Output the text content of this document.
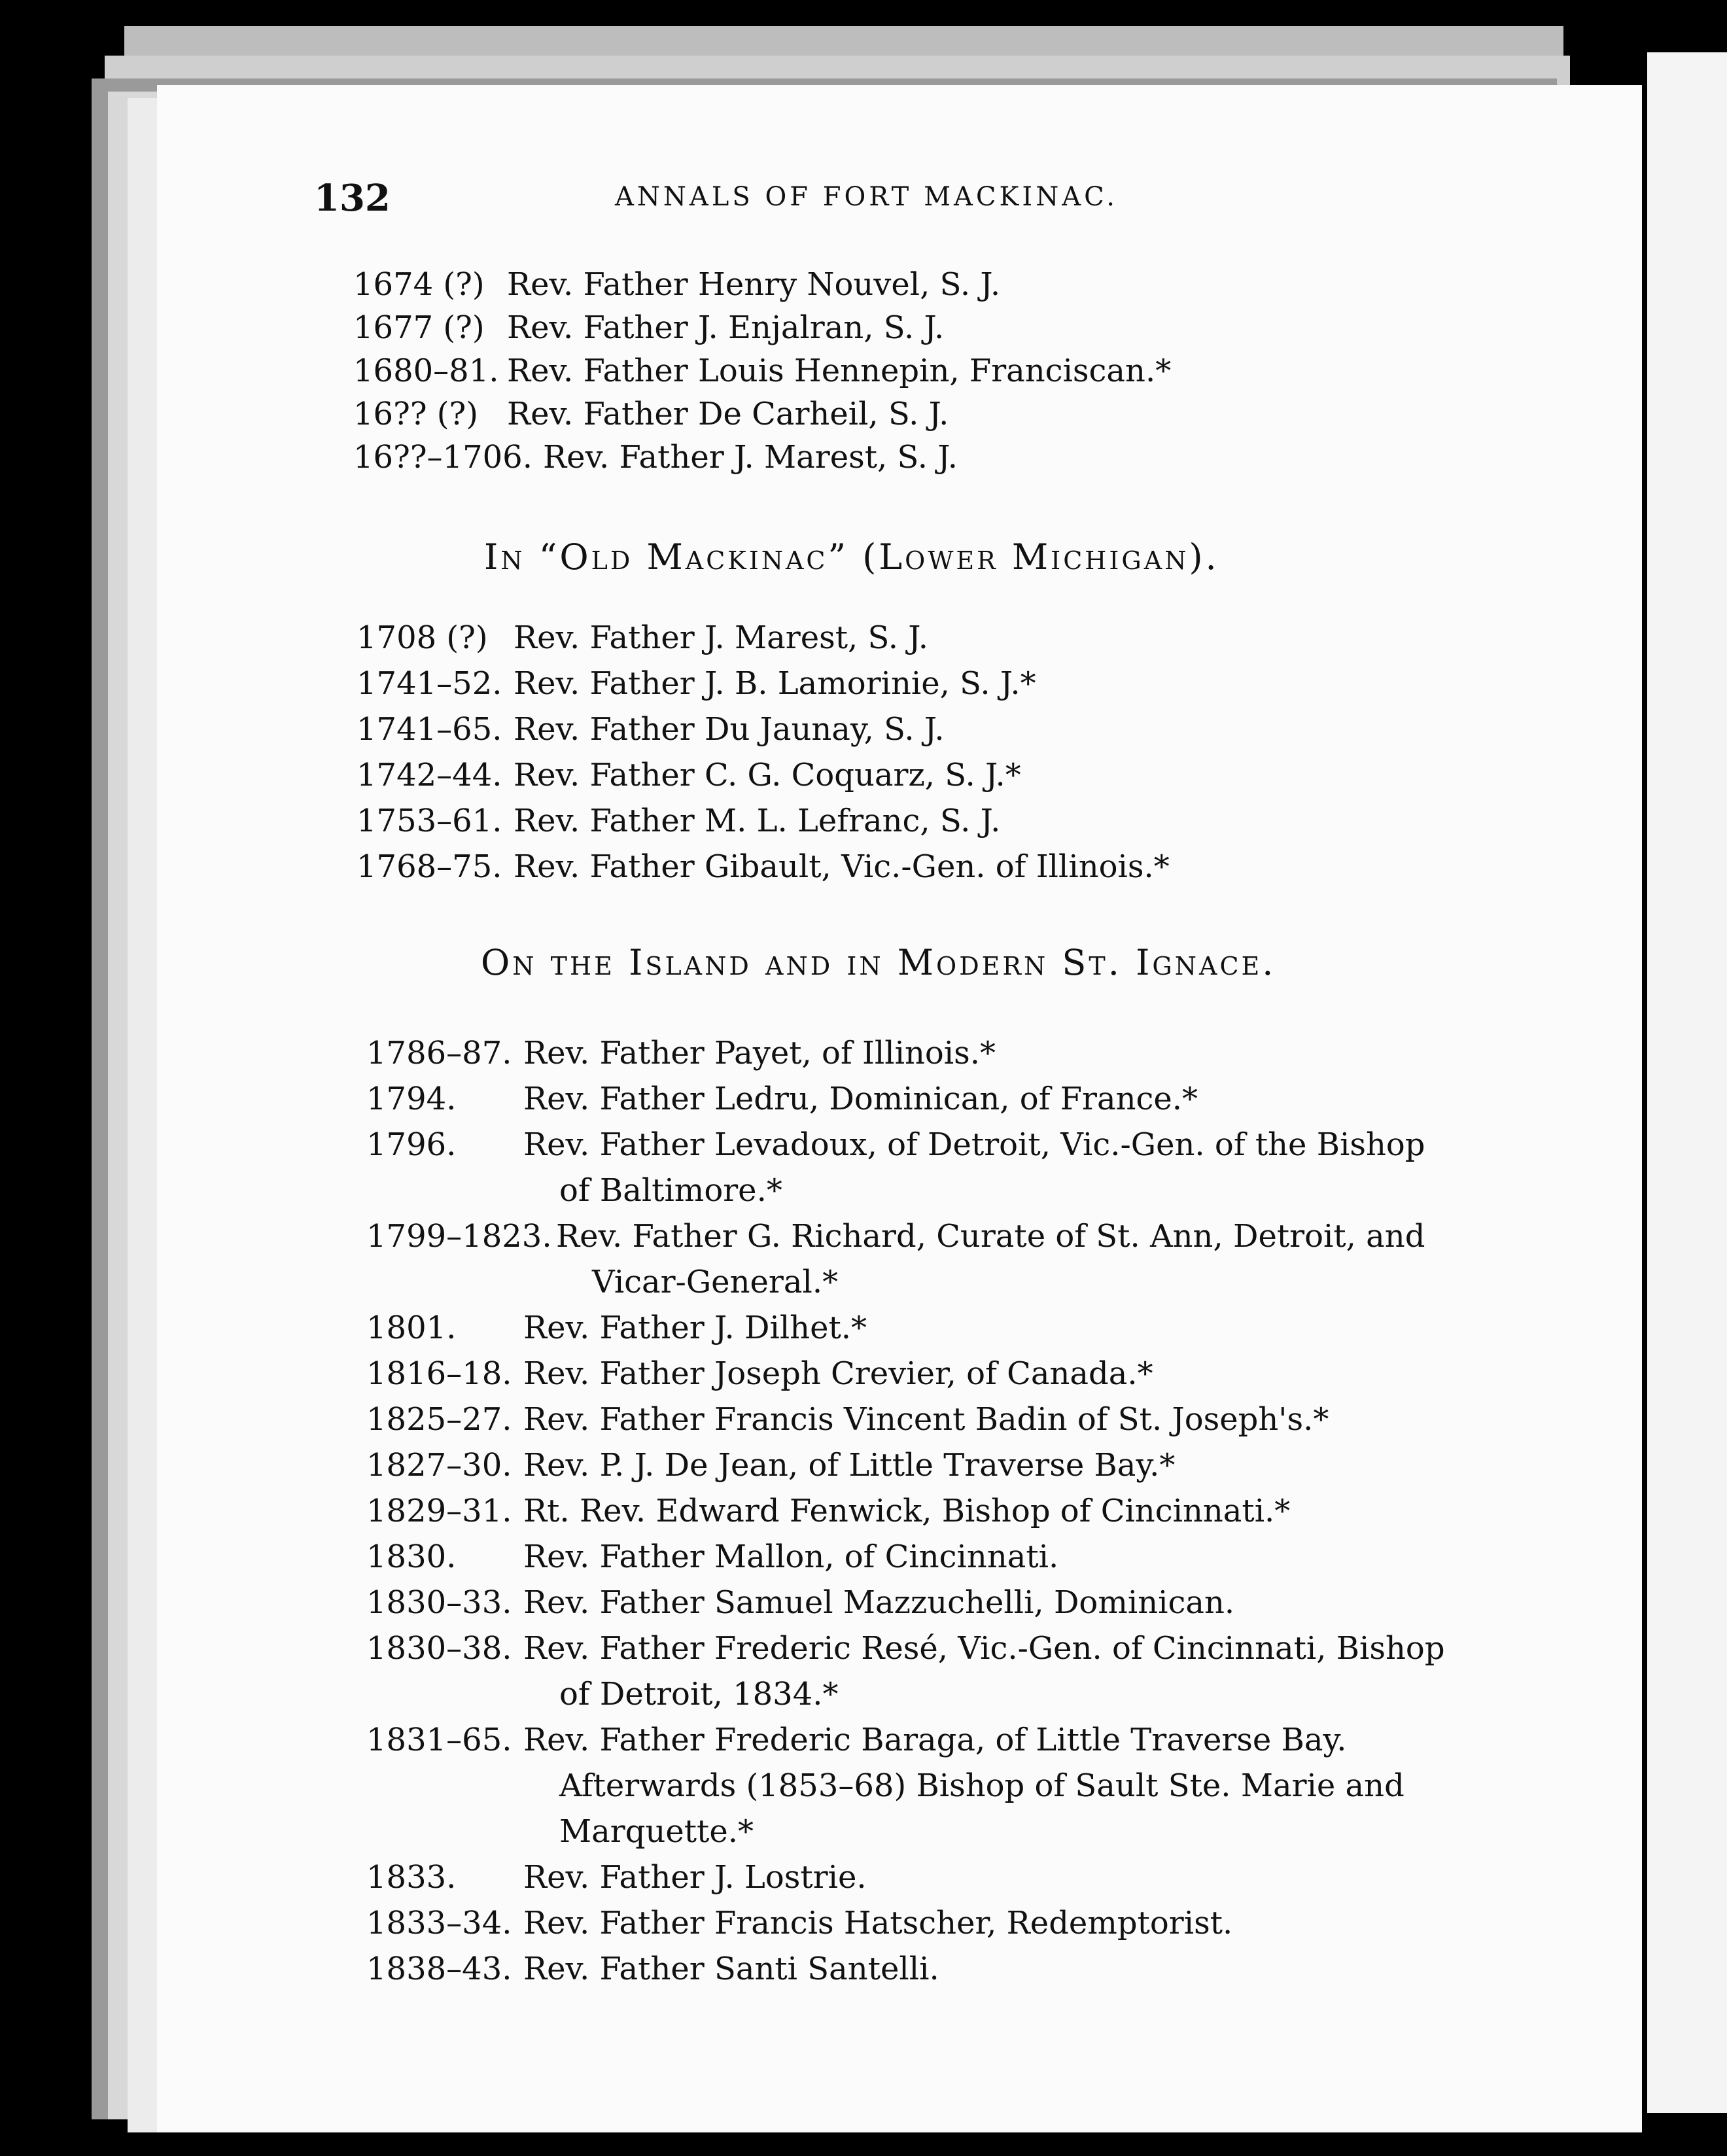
132	ANNALS OF FORT MACKINAC.
1674 (?) Rev. Father Henry Nouvel, S. J.
1677 (?) Rev. Father J. Enjalran, S. J.
1680–81. Rev. Father Louis Hennepin, Franciscan.*
16?? (?) Rev. Father De Carheil, S. J.
16??–1706. Rev. Father J. Marest, S. J.
1708 (?) Rev. Father J. Marest, S. J.
1741–52. Rev. Father J. B. Lamorinie, S. J.*
1741–65. Rev. Father Du Jaunay, S. J.
1742–44. Rev. Father C. G. Coquarz, S. J.*
1753–61. Rev. Father M. L. Lefranc, S. J.
1768–75. Rev. Father Gibault, Vic.-Gen. of Illinois.*
1786–87. Rev. Father Payet, of Illinois.*
1794. Rev. Father Ledru, Dominican, of France.*
1796. Rev. Father Levadoux, of Detroit, Vic.-Gen. of the Bishop
of Baltimore.*
1799–1823. Rev. Father G. Richard, Curate of St. Ann, Detroit, and
Vicar-General.*
1801. Rev. Father J. Dilhet.*
1816–18. Rev. Father Joseph Crevier, of Canada.*
1825–27. Rev. Father Francis Vincent Badin of St. Joseph's.*
1827–30. Rev. P. J. De Jean, of Little Traverse Bay.*
1829–31. Rt. Rev. Edward Fenwick, Bishop of Cincinnati.*
1830. Rev. Father Mallon, of Cincinnati.
1830–33. Rev. Father Samuel Mazzuchelli, Dominican.
1830–38. Rev. Father Frederic Resé, Vic.-Gen. of Cincinnati, Bishop
of Detroit, 1834.*
1831–65. Rev. Father Frederic Baraga, of Little Traverse Bay.
Afterwards (1853–68) Bishop of Sault Ste. Marie and
Marquette.*
1833. Rev. Father J. Lostrie.
1833–34. Rev. Father Francis Hatscher, Redemptorist.
1838–43. Rev. Father Santi Santelli.
In “Old Mackinac” (Lower Michigan).
On the Island and in Modern St. Ignace.
